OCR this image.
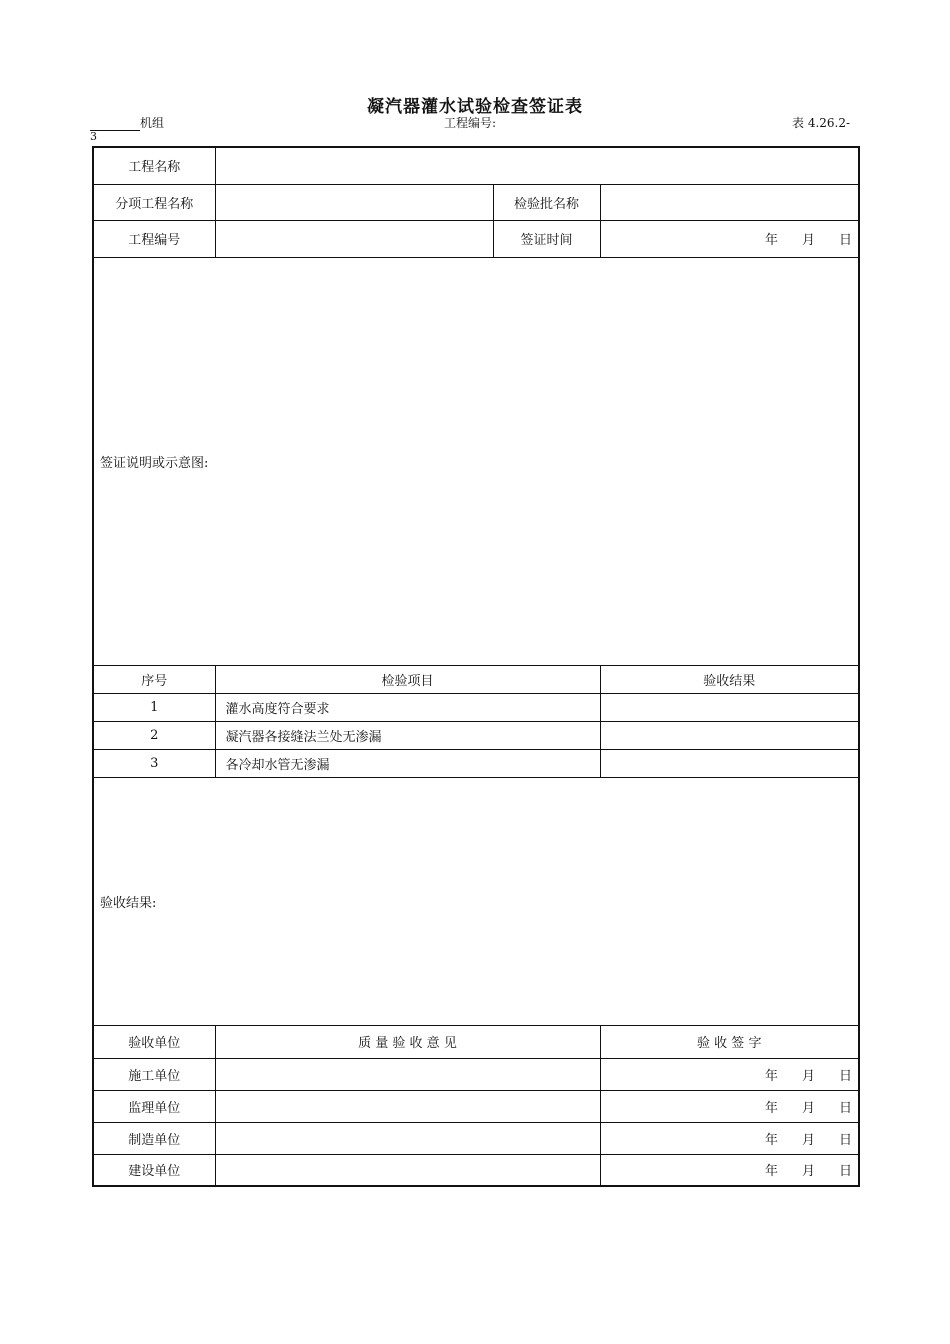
凝汽器灌水试验检查签证表
机组	工程编号:	表 4.26.2-
3
工程名称			
分项工程名称		检验批名称	
工程编号		签证时间	年 月 日
签证说明或示意图:			
序号	检验项目		验收结果
1	灌水高度符合要求		
2	凝汽器各接缝法兰处无渗漏		
3	各冷却水管无渗漏		
验收结果:			
验收单位	质 量 验 收 意 见		验 收 签 字
施工单位			年 月 日
监理单位			年 月 日
制造单位			年 月 日
建设单位			年 月 日
